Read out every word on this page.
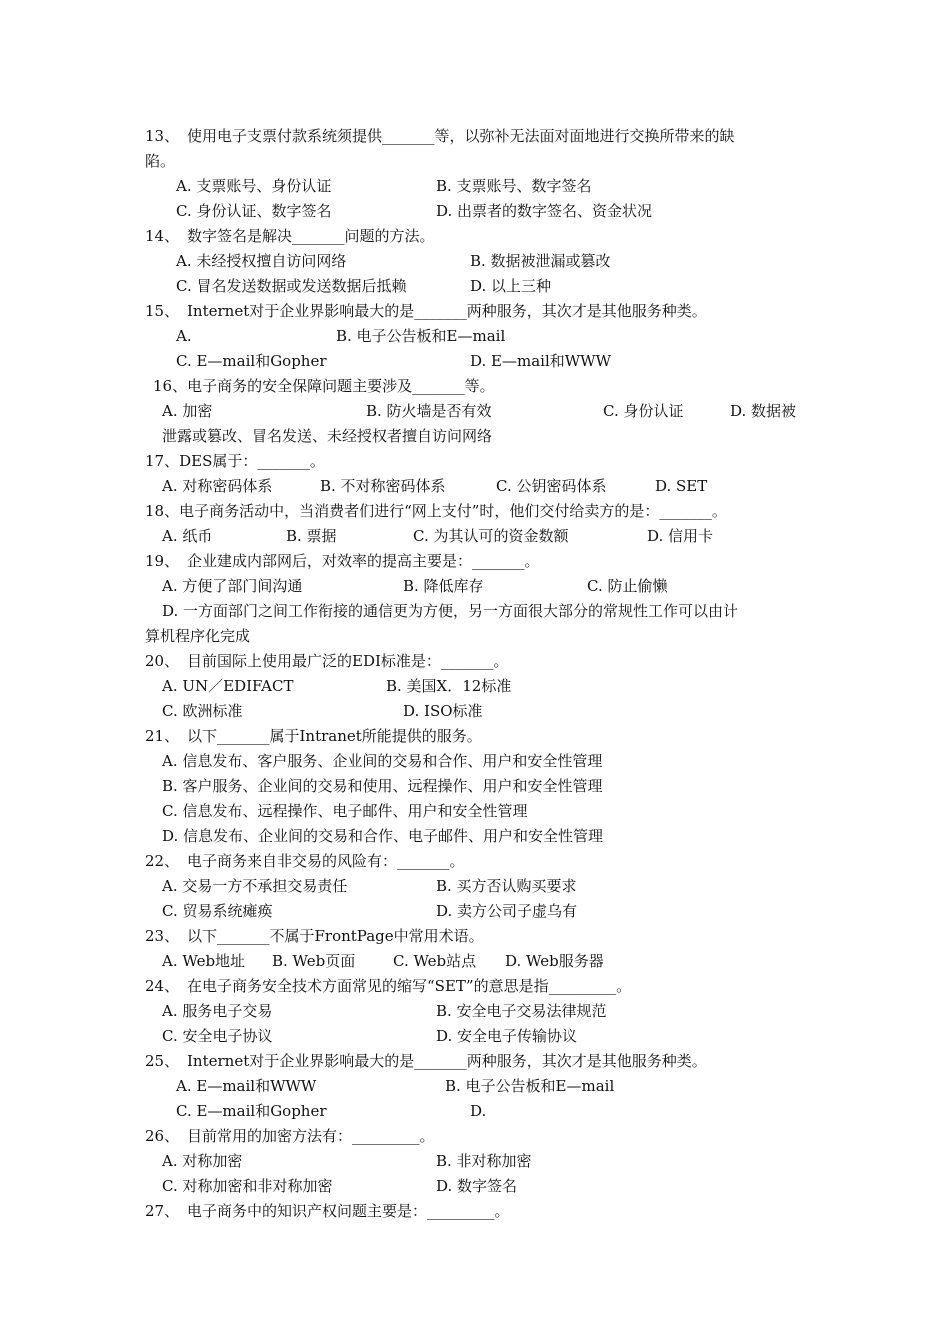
13、 使用电子支票付款系统须提供_______等，以弥补无法面对面地进行交换所带来的缺
陷。
A. 支票账号、身份认证	B. 支票账号、数字签名
C. 身份认证、数字签名	D. 出票者的数字签名、资金状况
14、 数字签名是解决_______问题的方法。
A. 未经授权擅自访问网络	B. 数据被泄漏或篡改
C. 冒名发送数据或发送数据后抵赖	D. 以上三种
15、 Internet对于企业界影响最大的是_______两种服务，其次才是其他服务种类。
A.	B. 电子公告板和E—mail
C. E—mail和Gopher	D. E—mail和WWW
16、电子商务的安全保障问题主要涉及_______等。
A. 加密	B. 防火墙是否有效	C. 身份认证	D. 数据被
泄露或篡改、冒名发送、未经授权者擅自访问网络
17、DES属于：_______。
A. 对称密码体系	B. 不对称密码体系	C. 公钥密码体系	D. SET
18、电子商务活动中，当消费者们进行“网上支付”时，他们交付给卖方的是：_______。
A. 纸币	B. 票据	C. 为其认可的资金数额	D. 信用卡
19、 企业建成内部网后，对效率的提高主要是：_______。
A. 方便了部门间沟通	B. 降低库存	C. 防止偷懒
D. 一方面部门之间工作衔接的通信更为方便，另一方面很大部分的常规性工作可以由计
算机程序化完成
20、 目前国际上使用最广泛的EDI标准是：_______。
A. UN／EDIFACT	B. 美国X．12标准
C. 欧洲标准	D. ISO标准
21、 以下_______属于Intranet所能提供的服务。
A. 信息发布、客户服务、企业间的交易和合作、用户和安全性管理
B. 客户服务、企业间的交易和使用、远程操作、用户和安全性管理
C. 信息发布、远程操作、电子邮件、用户和安全性管理
D. 信息发布、企业间的交易和合作、电子邮件、用户和安全性管理
22、 电子商务来自非交易的风险有：_______。
A. 交易一方不承担交易责任	B. 买方否认购买要求
C. 贸易系统瘫痪	D. 卖方公司子虚乌有
23、 以下_______不属于FrontPage中常用术语。
A. Web地址 B. Web页面	C. Web站点 D. Web服务器
24、 在电子商务安全技术方面常见的缩写“SET”的意思是指_________。
A. 服务电子交易	B. 安全电子交易法律规范
C. 安全电子协议	D. 安全电子传输协议
25、 Internet对于企业界影响最大的是_______两种服务，其次才是其他服务种类。
A. E—mail和WWW	B. 电子公告板和E—mail
C. E—mail和Gopher	D.
26、 目前常用的加密方法有：_________。
A. 对称加密	B. 非对称加密
C. 对称加密和非对称加密	D. 数字签名
27、 电子商务中的知识产权问题主要是：_________。
